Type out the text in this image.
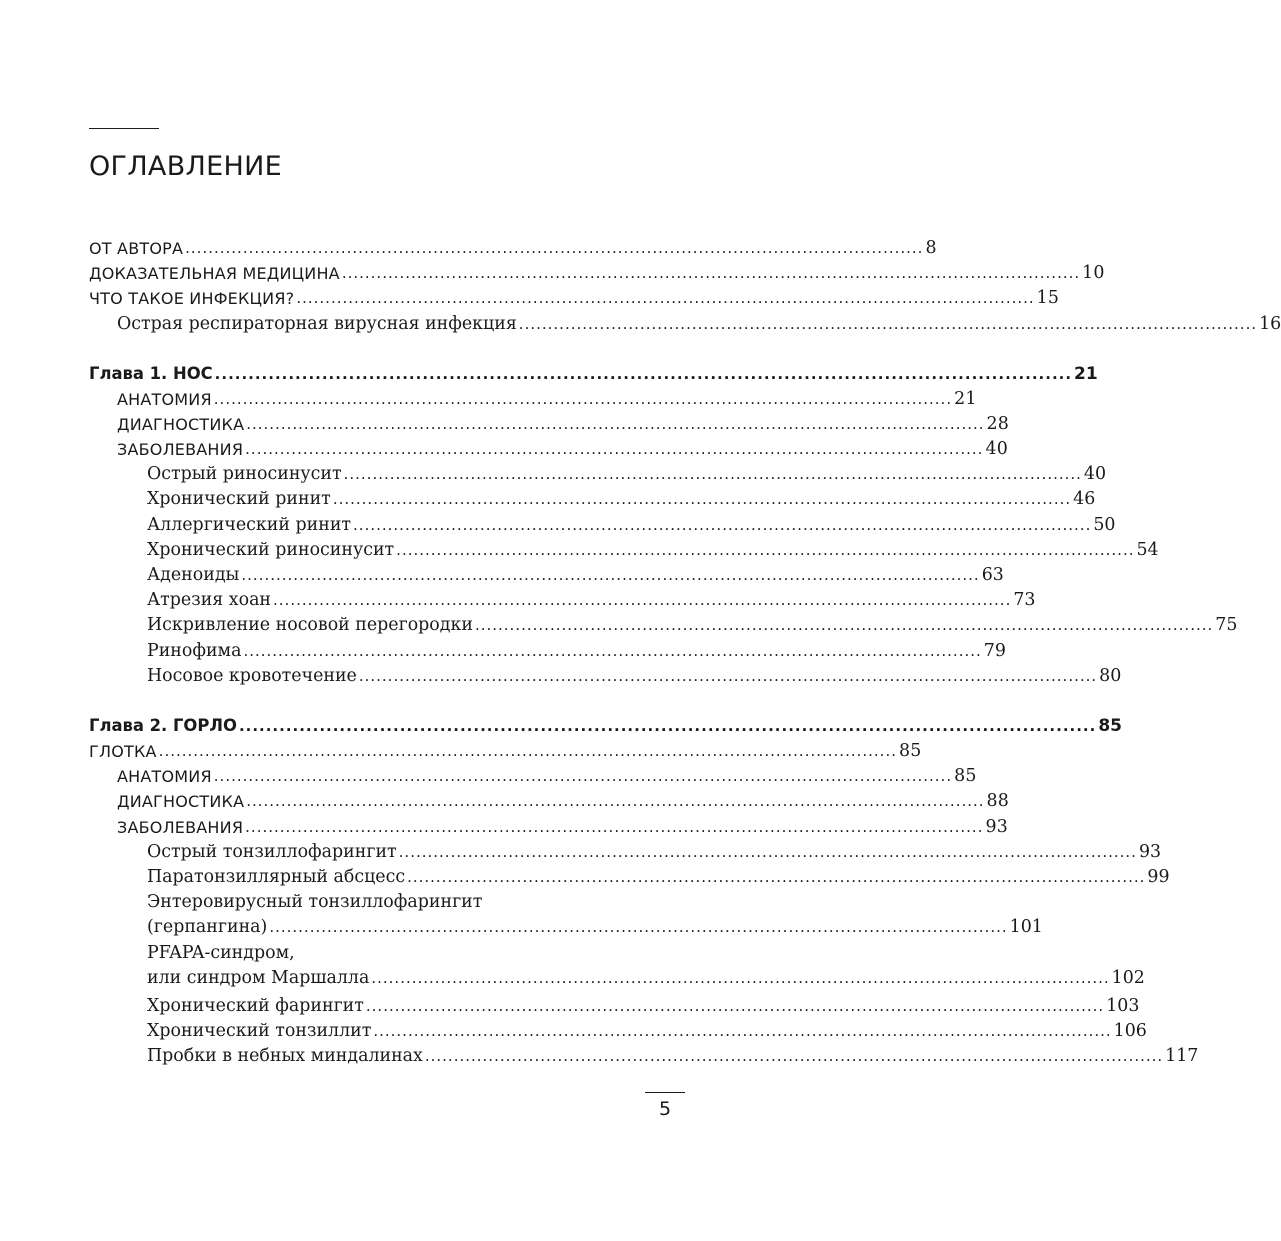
ОГЛАВЛЕНИЕ
ОТ АВТОРА ................................................................................................................................ 8
ДОКАЗАТЕЛЬНАЯ МЕДИЦИНА ................................................................................................................................ 10
ЧТО ТАКОЕ ИНФЕКЦИЯ? ................................................................................................................................ 15
Острая респираторная вирусная инфекция ................................................................................................................................ 16
Глава 1. НОС ................................................................................................................................ 21
АНАТОМИЯ ................................................................................................................................ 21
ДИАГНОСТИКА ................................................................................................................................ 28
ЗАБОЛЕВАНИЯ ................................................................................................................................ 40
Острый риносинусит ................................................................................................................................ 40
Хронический ринит ................................................................................................................................ 46
Аллергический ринит ................................................................................................................................ 50
Хронический риносинусит ................................................................................................................................ 54
Аденоиды ................................................................................................................................ 63
Атрезия хоан ................................................................................................................................ 73
Искривление носовой перегородки ................................................................................................................................ 75
Ринофима ................................................................................................................................ 79
Носовое кровотечение ................................................................................................................................ 80
Глава 2. ГОРЛО ................................................................................................................................ 85
ГЛОТКА ................................................................................................................................ 85
АНАТОМИЯ ................................................................................................................................ 85
ДИАГНОСТИКА ................................................................................................................................ 88
ЗАБОЛЕВАНИЯ ................................................................................................................................ 93
Острый тонзиллофарингит ................................................................................................................................ 93
Паратонзиллярный абсцесс ................................................................................................................................ 99
Энтеровирусный тонзиллофарингит
(герпангина) ................................................................................................................................ 101
PFAPA-синдром,
или синдром Маршалла ................................................................................................................................ 102
Хронический фарингит ................................................................................................................................ 103
Хронический тонзиллит ................................................................................................................................ 106
Пробки в небных миндалинах ................................................................................................................................ 117
5
